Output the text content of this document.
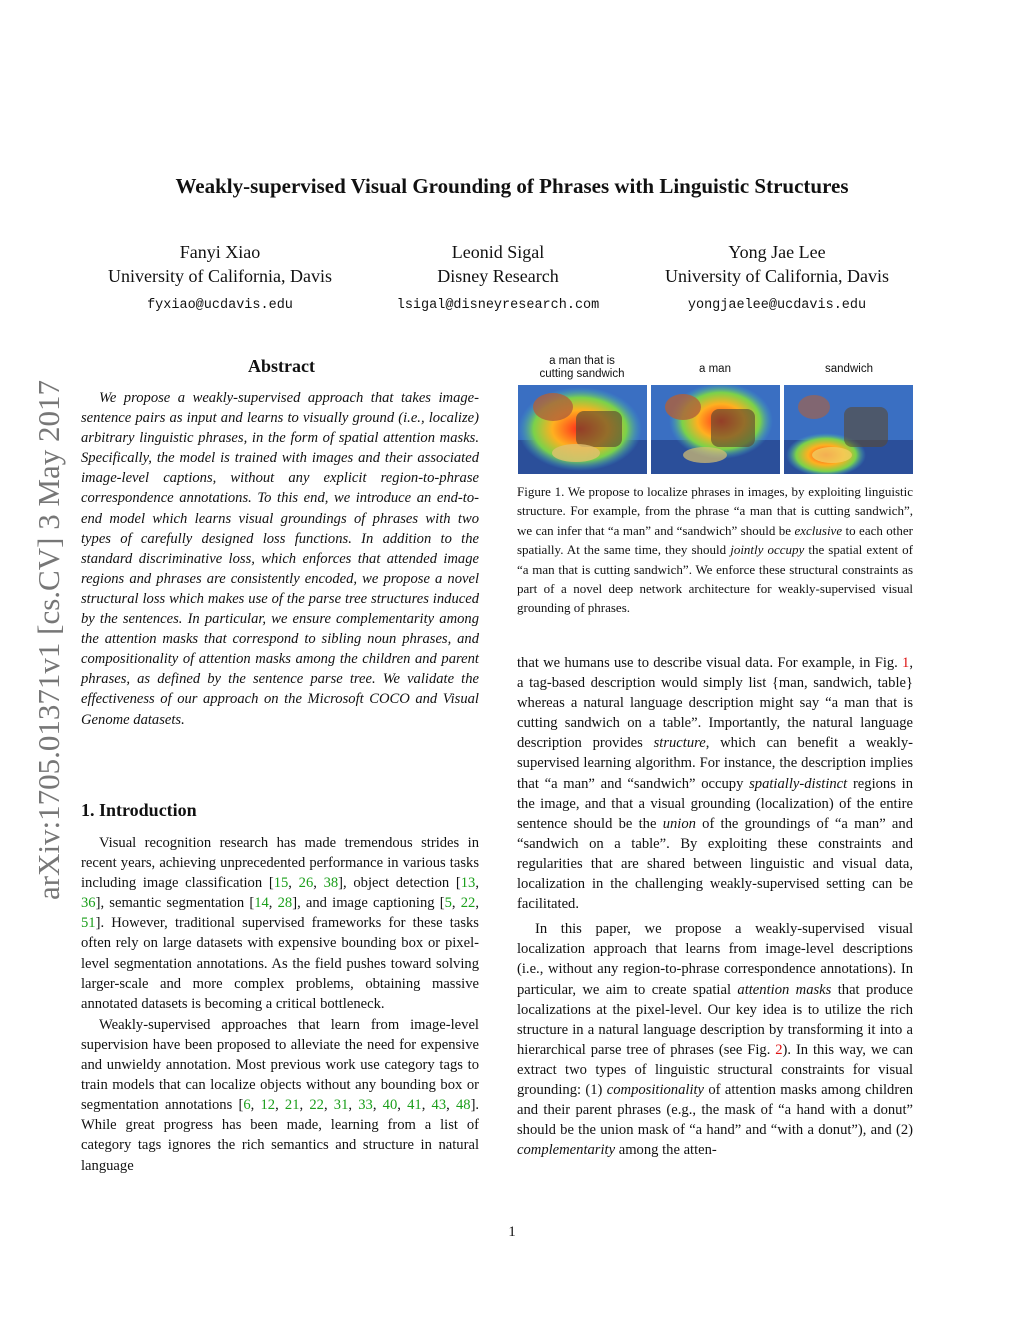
Weakly-supervised Visual Grounding of Phrases with Linguistic Structures
Fanyi Xiao
University of California, Davis
fyxiao@ucdavis.edu
Leonid Sigal
Disney Research
lsigal@disneyresearch.com
Yong Jae Lee
University of California, Davis
yongjaelee@ucdavis.edu
arXiv:1705.01371v1 [cs.CV] 3 May 2017
Abstract

We propose a weakly-supervised approach that takes image-sentence pairs as input and learns to visually ground (i.e., localize) arbitrary linguistic phrases, in the form of spatial attention masks. Specifically, the model is trained with images and their associated image-level captions, without any explicit region-to-phrase correspondence annotations. To this end, we introduce an end-to-end model which learns visual groundings of phrases with two types of carefully designed loss functions. In addition to the standard discriminative loss, which enforces that attended image regions and phrases are consistently encoded, we propose a novel structural loss which makes use of the parse tree structures induced by the sentences. In particular, we ensure complementarity among the attention masks that correspond to sibling noun phrases, and compositionality of attention masks among the children and parent phrases, as defined by the sentence parse tree. We validate the effectiveness of our approach on the Microsoft COCO and Visual Genome datasets.

1. Introduction

Visual recognition research has made tremendous strides in recent years, achieving unprecedented performance in various tasks including image classification [15, 26, 38], object detection [13, 36], semantic segmentation [14, 28], and image captioning [5, 22, 51]. However, traditional supervised frameworks for these tasks often rely on large datasets with expensive bounding box or pixel-level segmentation annotations. As the field pushes toward solving larger-scale and more complex problems, obtaining massive annotated datasets is becoming a critical bottleneck.

Weakly-supervised approaches that learn from image-level supervision have been proposed to alleviate the need for expensive and unwieldy annotation. Most previous work use category tags to train models that can localize objects without any bounding box or segmentation annotations [6, 12, 21, 22, 31, 33, 40, 41, 43, 48]. While great progress has been made, learning from a list of category tags ignores the rich semantics and structure in natural language

a man that is
cutting sandwich	a man	sandwich
Figure 1. We propose to localize phrases in images, by exploiting linguistic structure. For example, from the phrase “a man that is cutting sandwich”, we can infer that “a man” and “sandwich” should be exclusive to each other spatially. At the same time, they should jointly occupy the spatial extent of “a man that is cutting sandwich”. We enforce these structural constraints as part of a novel deep network architecture for weakly-supervised visual grounding of phrases.

that we humans use to describe visual data. For example, in Fig. 1, a tag-based description would simply list {man, sandwich, table} whereas a natural language description might say “a man that is cutting sandwich on a table”. Importantly, the natural language description provides structure, which can benefit a weakly-supervised learning algorithm. For instance, the description implies that “a man” and “sandwich” occupy spatially-distinct regions in the image, and that a visual grounding (localization) of the entire sentence should be the union of the groundings of “a man” and “sandwich on a table”. By exploiting these constraints and regularities that are shared between linguistic and visual data, localization in the challenging weakly-supervised setting can be facilitated.

In this paper, we propose a weakly-supervised visual localization approach that learns from image-level descriptions (i.e., without any region-to-phrase correspondence annotations). In particular, we aim to create spatial attention masks that produce localizations at the pixel-level. Our key idea is to utilize the rich structure in a natural language description by transforming it into a hierarchical parse tree of phrases (see Fig. 2). In this way, we can extract two types of linguistic structural constraints for visual grounding: (1) compositionality of attention masks among children and their parent phrases (e.g., the mask of “a hand with a donut” should be the union mask of “a hand” and “with a donut”), and (2) complementarity among the atten-

1
